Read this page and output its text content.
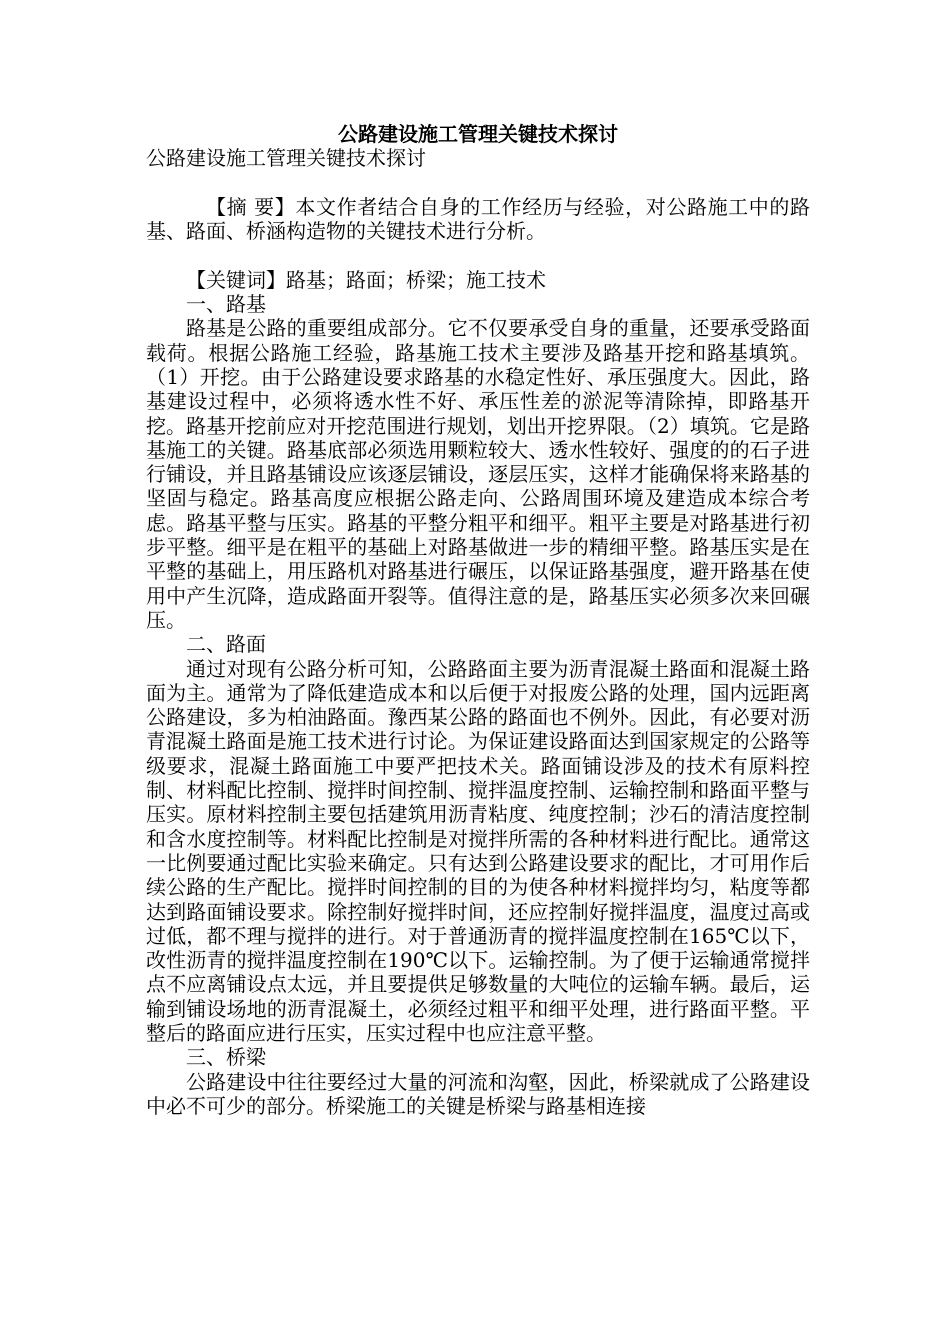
公路建设施工管理关键技术探讨

公路建设施工管理关键技术探讨

【摘 要】本文作者结合自身的工作经历与经验，对公路施工中的路基、路面、桥涵构造物的关键技术进行分析。

【关键词】路基；路面；桥梁；施工技术

一、路基

路基是公路的重要组成部分。它不仅要承受自身的重量，还要承受路面载荷。根据公路施工经验，路基施工技术主要涉及路基开挖和路基填筑。（1）开挖。由于公路建设要求路基的水稳定性好、承压强度大。因此，路基建设过程中，必须将透水性不好、承压性差的淤泥等清除掉，即路基开挖。路基开挖前应对开挖范围进行规划，划出开挖界限。（2）填筑。它是路基施工的关键。路基底部必须选用颗粒较大、透水性较好、强度的的石子进行铺设，并且路基铺设应该逐层铺设，逐层压实，这样才能确保将来路基的坚固与稳定。路基高度应根据公路走向、公路周围环境及建造成本综合考虑。路基平整与压实。路基的平整分粗平和细平。粗平主要是对路基进行初步平整。细平是在粗平的基础上对路基做进一步的精细平整。路基压实是在平整的基础上，用压路机对路基进行碾压，以保证路基强度，避开路基在使用中产生沉降，造成路面开裂等。值得注意的是，路基压实必须多次来回碾压。

二、路面

通过对现有公路分析可知，公路路面主要为沥青混凝土路面和混凝土路面为主。通常为了降低建造成本和以后便于对报废公路的处理，国内远距离公路建设，多为柏油路面。豫西某公路的路面也不例外。因此，有必要对沥青混凝土路面是施工技术进行讨论。为保证建设路面达到国家规定的公路等级要求，混凝土路面施工中要严把技术关。路面铺设涉及的技术有原料控制、材料配比控制、搅拌时间控制、搅拌温度控制、运输控制和路面平整与压实。原材料控制主要包括建筑用沥青粘度、纯度控制；沙石的清洁度控制和含水度控制等。材料配比控制是对搅拌所需的各种材料进行配比。通常这一比例要通过配比实验来确定。只有达到公路建设要求的配比，才可用作后续公路的生产配比。搅拌时间控制的目的为使各种材料搅拌均匀，粘度等都达到路面铺设要求。除控制好搅拌时间，还应控制好搅拌温度，温度过高或过低，都不理与搅拌的进行。对于普通沥青的搅拌温度控制在165℃以下，改性沥青的搅拌温度控制在190℃以下。运输控制。为了便于运输通常搅拌点不应离铺设点太远，并且要提供足够数量的大吨位的运输车辆。最后，运输到铺设场地的沥青混凝土，必须经过粗平和细平处理，进行路面平整。平整后的路面应进行压实，压实过程中也应注意平整。

三、桥梁

公路建设中往往要经过大量的河流和沟壑，因此，桥梁就成了公路建设中必不可少的部分。桥梁施工的关键是桥梁与路基相连接
